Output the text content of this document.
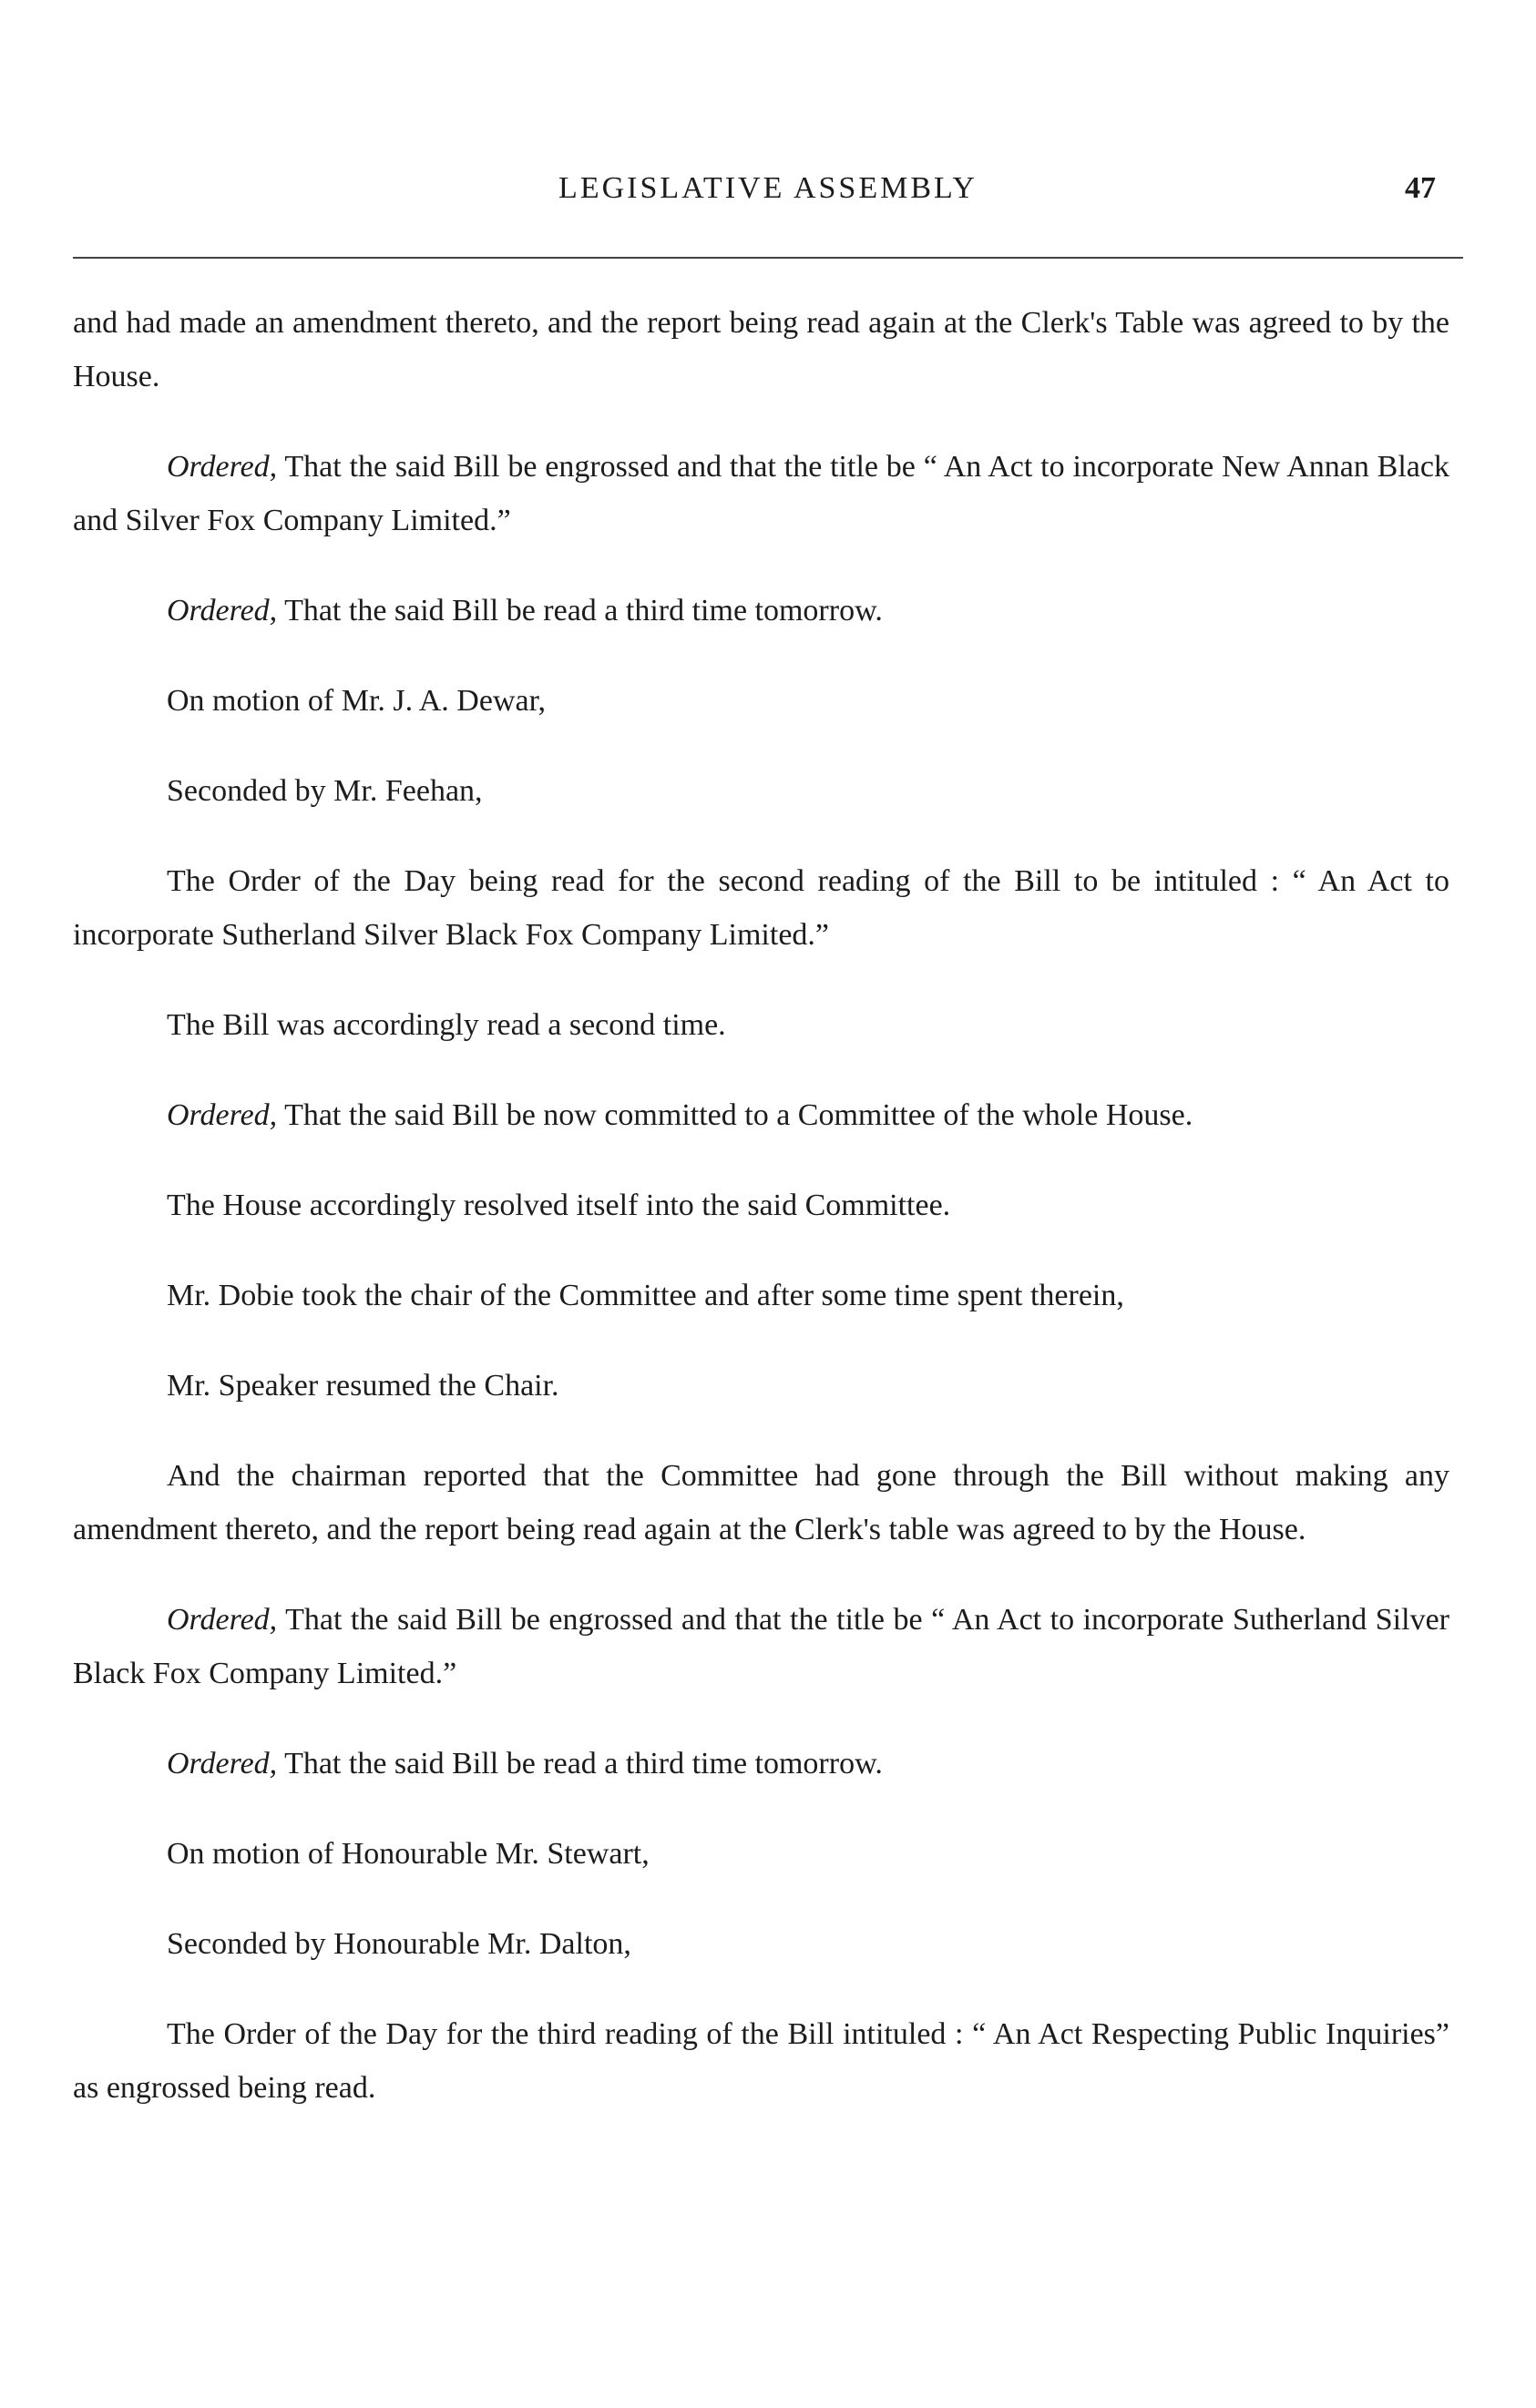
LEGISLATIVE ASSEMBLY	47

and had made an amendment thereto, and the report being read again at the Clerk's Table was agreed to by the House.

Ordered, That the said Bill be engrossed and that the title be “ An Act to incorporate New Annan Black and Silver Fox Company Limited.”

Ordered, That the said Bill be read a third time tomorrow.

On motion of Mr. J. A. Dewar,

Seconded by Mr. Feehan,

The Order of the Day being read for the second reading of the Bill to be intituled : “ An Act to incorporate Sutherland Silver Black Fox Company Limited.”

The Bill was accordingly read a second time.

Ordered, That the said Bill be now committed to a Committee of the whole House.

The House accordingly resolved itself into the said Committee.

Mr. Dobie took the chair of the Committee and after some time spent therein,

Mr. Speaker resumed the Chair.

And the chairman reported that the Committee had gone through the Bill without making any amendment thereto, and the report being read again at the Clerk's table was agreed to by the House.

Ordered, That the said Bill be engrossed and that the title be “ An Act to incorporate Sutherland Silver Black Fox Company Limited.”

Ordered, That the said Bill be read a third time tomorrow.

On motion of Honourable Mr. Stewart,

Seconded by Honourable Mr. Dalton,

The Order of the Day for the third reading of the Bill intituled : “ An Act Respecting Public Inquiries” as engrossed being read.
